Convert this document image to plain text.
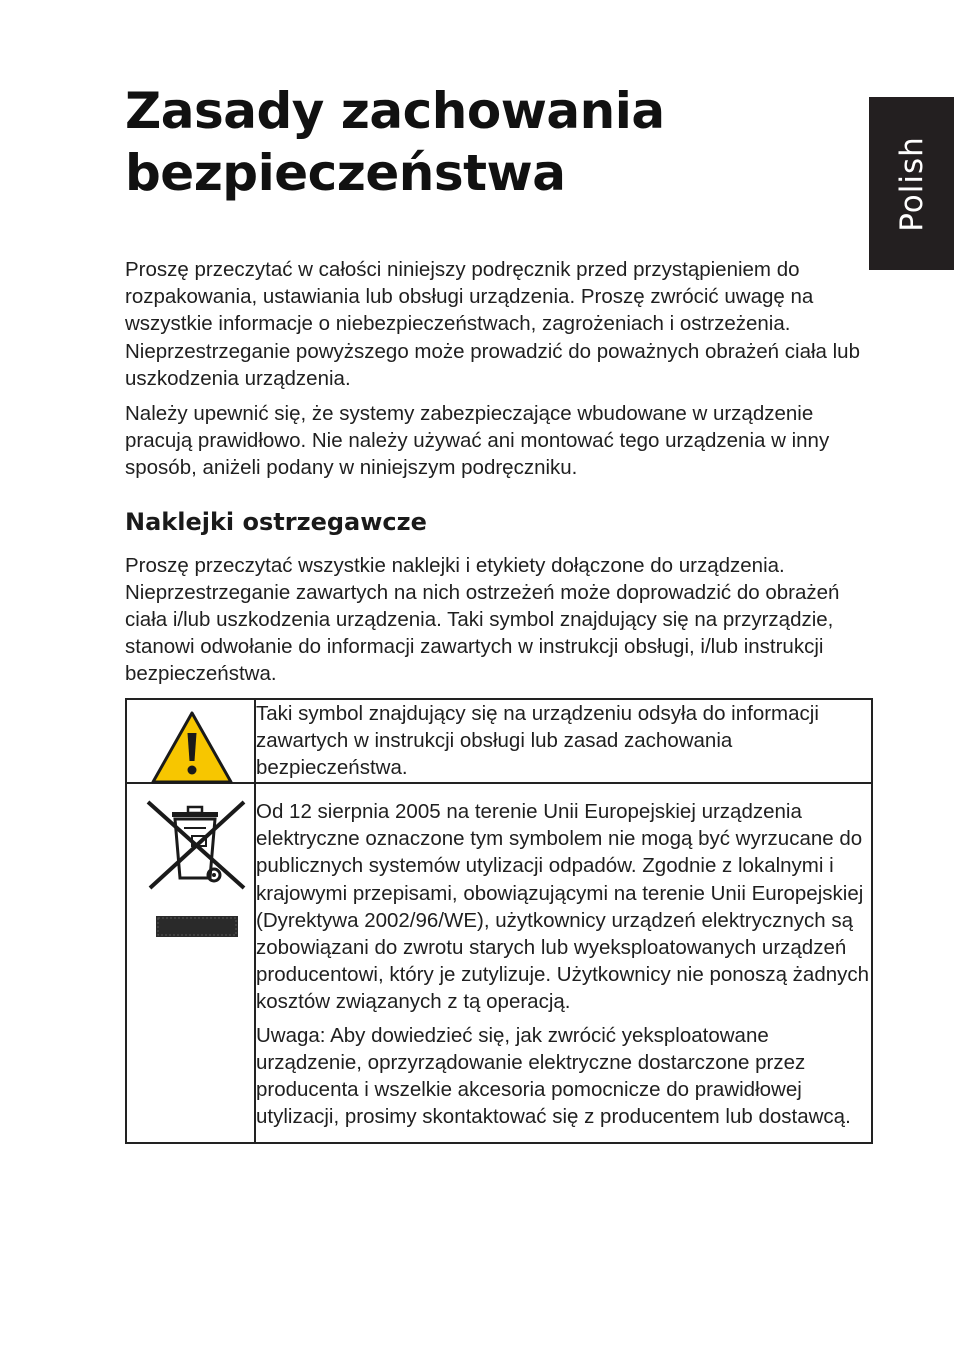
Polish
Zasady zachowania
bezpieczeństwa

Proszę przeczytać w całości niniejszy podręcznik przed przystąpieniem do rozpakowania, ustawiania lub obsługi urządzenia. Proszę zwrócić uwagę na wszystkie informacje o niebezpieczeństwach, zagrożeniach i ostrzeżenia. Nieprzestrzeganie powyższego może prowadzić do poważnych obrażeń ciała lub uszkodzenia urządzenia.

Należy upewnić się, że systemy zabezpieczające wbudowane w urządzenie pracują prawidłowo. Nie należy używać ani montować tego urządzenia w inny sposób, aniżeli podany w niniejszym podręczniku.

Naklejki ostrzegawcze

Proszę przeczytać wszystkie naklejki i etykiety dołączone do urządzenia. Nieprzestrzeganie zawartych na nich ostrzeżeń może doprowadzić do obrażeń ciała i/lub uszkodzenia urządzenia. Taki symbol znajdujący się na przyrządzie, stanowi odwołanie do informacji zawartych w instrukcji obsługi, i/lub instrukcji bezpieczeństwa.

Taki symbol znajdujący się na urządzeniu odsyła do informacji zawartych w instrukcji obsługi lub zasad zachowania bezpieczeństwa.

Od 12 sierpnia 2005 na terenie Unii Europejskiej urządzenia elektryczne oznaczone tym symbolem nie mogą być wyrzucane do publicznych systemów utylizacji odpadów. Zgodnie z lokalnymi i krajowymi przepisami, obowiązującymi na terenie Unii Europejskiej (Dyrektywa 2002/96/WE), użytkownicy urządzeń elektrycznych są zobowiązani do zwrotu starych lub wyeksploatowanych urządzeń producentowi, który je zutylizuje. Użytkownicy nie ponoszą żadnych kosztów związanych z tą operacją.

Uwaga: Aby dowiedzieć się, jak zwrócić yeksploatowane urządzenie, oprzyrządowanie elektryczne dostarczone przez producenta i wszelkie akcesoria pomocnicze do prawidłowej utylizacji, prosimy skontaktować się z producentem lub dostawcą.
